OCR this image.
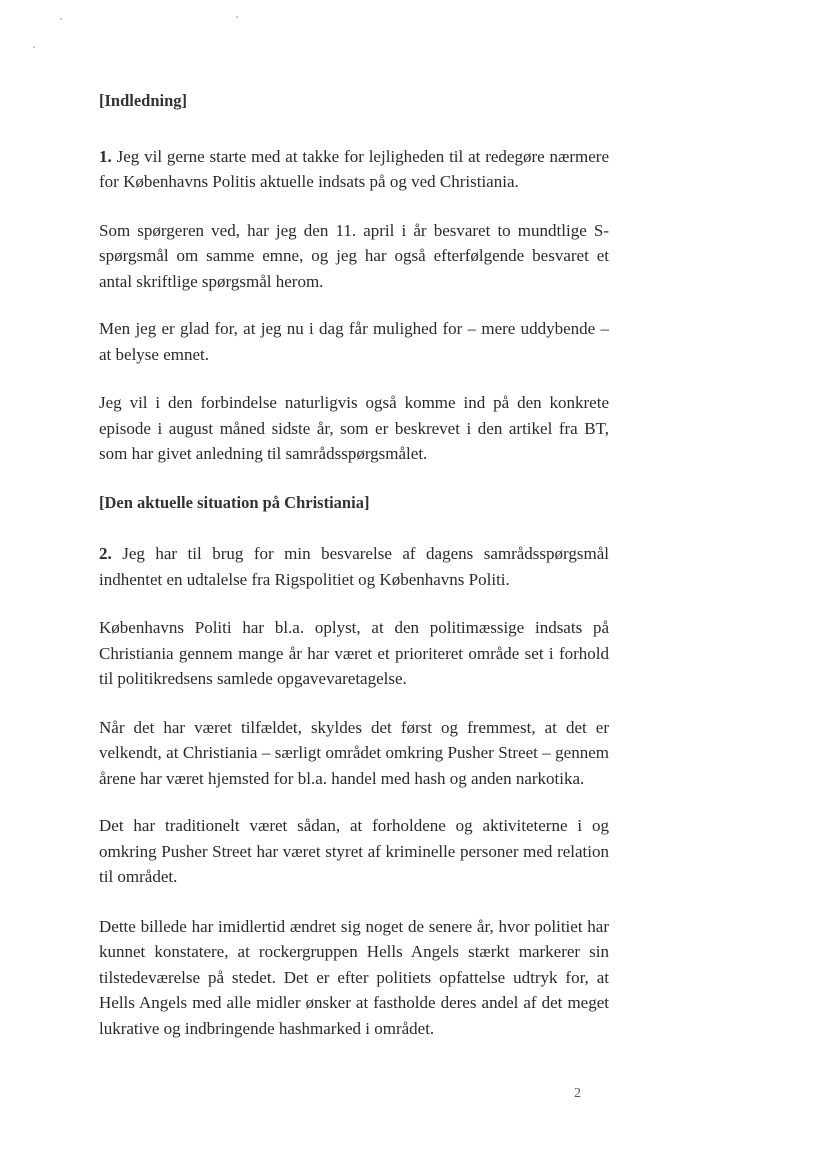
[Indledning]

1. Jeg vil gerne starte med at takke for lejligheden til at redegøre nærmere for Københavns Politis aktuelle indsats på og ved Christiania.

Som spørgeren ved, har jeg den 11. april i år besvaret to mundtlige S-spørgsmål om samme emne, og jeg har også efterfølgende besvaret et antal skriftlige spørgsmål herom.

Men jeg er glad for, at jeg nu i dag får mulighed for – mere uddybende – at belyse emnet.

Jeg vil i den forbindelse naturligvis også komme ind på den konkrete episode i august måned sidste år, som er beskrevet i den artikel fra BT, som har givet anledning til samrådsspørgsmålet.

[Den aktuelle situation på Christiania]

2. Jeg har til brug for min besvarelse af dagens samrådsspørgsmål indhentet en udtalelse fra Rigspolitiet og Københavns Politi.

Københavns Politi har bl.a. oplyst, at den politimæssige indsats på Christiania gennem mange år har været et prioriteret område set i forhold til politikredsens samlede opgavevaretagelse.

Når det har været tilfældet, skyldes det først og fremmest, at det er velkendt, at Christiania – særligt området omkring Pusher Street – gennem årene har været hjemsted for bl.a. handel med hash og anden narkotika.

Det har traditionelt været sådan, at forholdene og aktiviteterne i og omkring Pusher Street har været styret af kriminelle personer med relation til området.

Dette billede har imidlertid ændret sig noget de senere år, hvor politiet har kunnet konstatere, at rockergruppen Hells Angels stærkt markerer sin tilstedeværelse på stedet. Det er efter politiets opfattelse udtryk for, at Hells Angels med alle midler ønsker at fastholde deres andel af det meget lukrative og indbringende hashmarked i området.

2
